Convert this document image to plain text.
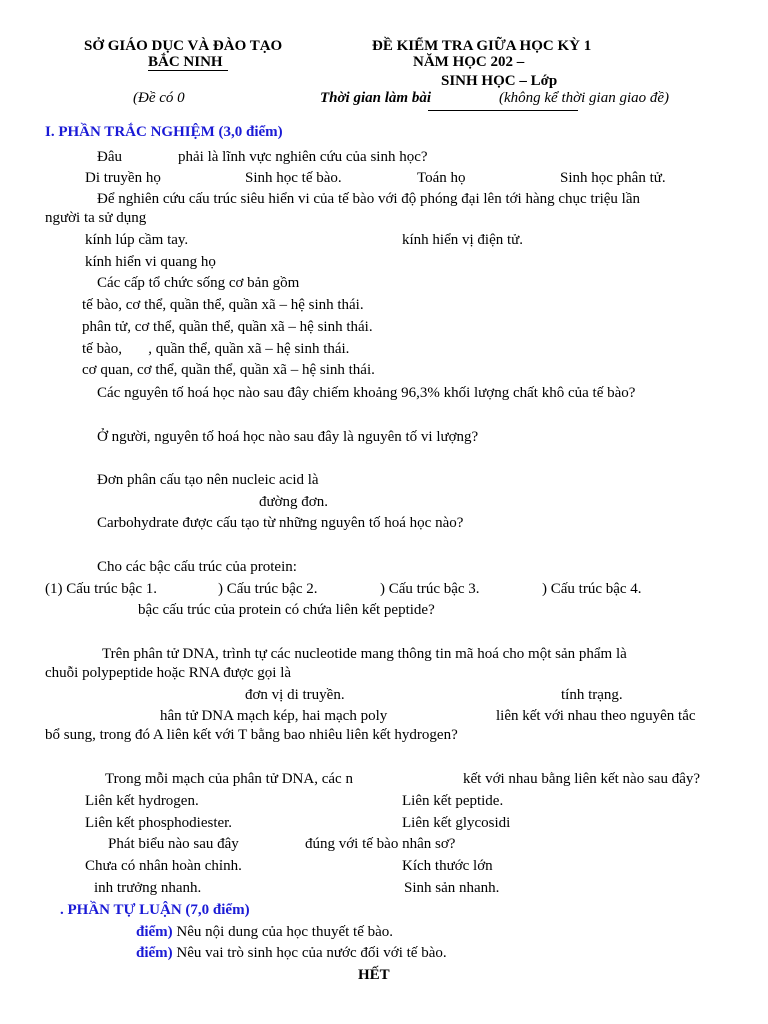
SỞ GIÁO DỤC VÀ ĐÀO TẠO
BẮC NINH
(Đề có 0
ĐỀ KIỂM TRA GIỮA HỌC KỲ 1
NĂM HỌC 202 –
SINH HỌC – Lớp
Thời gian làm bài	(không kể thời gian giao đề)
I. PHẦN TRẮC NGHIỆM (3,0 điểm)
Đâu	phải là lĩnh vực nghiên cứu của sinh học?
Di truyền họ	Sinh học tế bào.	Toán họ	Sinh học phân tử.
Để nghiên cứu cấu trúc siêu hiển vi của tế bào với độ phóng đại lên tới hàng chục triệu lần
người ta sử dụng
kính lúp cầm tay.	kính hiển vị điện tử.
kính hiển vi quang họ
Các cấp tổ chức sống cơ bản gồm
tế bào, cơ thể, quần thể, quần xã – hệ sinh thái.
phân tử, cơ thể, quần thể, quần xã – hệ sinh thái.
tế bào,       , quần thể, quần xã – hệ sinh thái.
cơ quan, cơ thể, quần thể, quần xã – hệ sinh thái.
Các nguyên tố hoá học nào sau đây chiếm khoảng 96,3% khối lượng chất khô của tế bào?
Ở người, nguyên tố hoá học nào sau đây là nguyên tố vi lượng?
Đơn phân cấu tạo nên nucleic acid là
đường đơn.
Carbohydrate được cấu tạo từ những nguyên tố hoá học nào?
Cho các bậc cấu trúc của protein:
(1) Cấu trúc bậc 1.	) Cấu trúc bậc 2.	) Cấu trúc bậc 3.	) Cấu trúc bậc 4.
bậc cấu trúc của protein có chứa liên kết peptide?
Trên phân tử DNA, trình tự các nucleotide mang thông tin mã hoá cho một sản phẩm là
chuỗi polypeptide hoặc RNA được gọi là
đơn vị di truyền.	tính trạng.
hân tử DNA mạch kép, hai mạch poly	liên kết với nhau theo nguyên tắc
bổ sung, trong đó A liên kết với T bằng bao nhiêu liên kết hydrogen?
Trong mỗi mạch của phân tử DNA, các n	kết với nhau bằng liên kết nào sau đây?
Liên kết hydrogen.	Liên kết peptide.
Liên kết phosphodiester.	Liên kết glycosidi
Phát biểu nào sau đây	đúng với tế bào nhân sơ?
Chưa có nhân hoàn chỉnh.	Kích thước lớn
inh trưởng nhanh.	Sinh sản nhanh.
. PHẦN TỰ LUẬN (7,0 điểm)
điểm) Nêu nội dung của học thuyết tế bào.
điểm) Nêu vai trò sinh học của nước đối với tế bào.
HẾT
